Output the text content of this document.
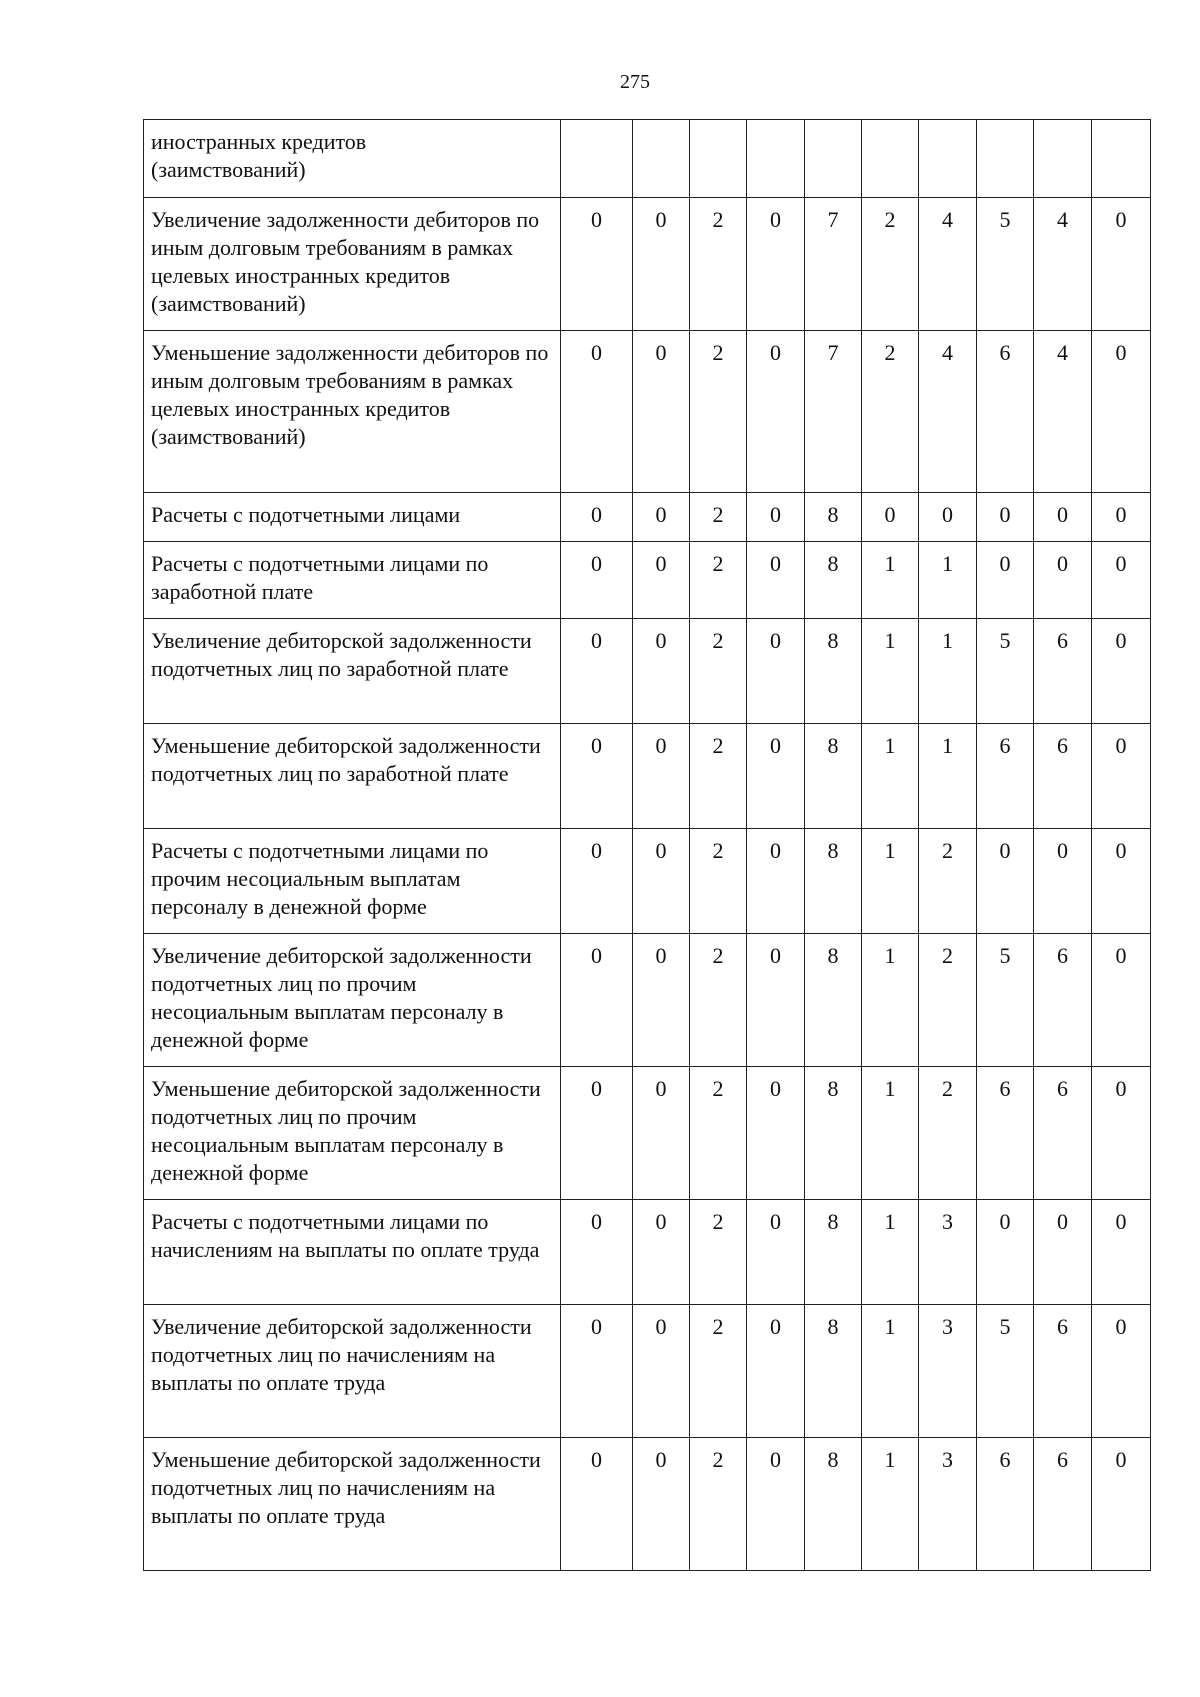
275
иностранных кредитов
(заимствований)										
Увеличение задолженности дебиторов по иным долговым требованиям в рамках целевых иностранных кредитов (заимствований)	0	0	2	0	7	2	4	5	4	0
Уменьшение задолженности дебиторов по иным долговым требованиям в рамках целевых иностранных кредитов (заимствований)	0	0	2	0	7	2	4	6	4	0
Расчеты с подотчетными лицами	0	0	2	0	8	0	0	0	0	0
Расчеты с подотчетными лицами по заработной плате	0	0	2	0	8	1	1	0	0	0
Увеличение дебиторской задолженности подотчетных лиц по заработной плате	0	0	2	0	8	1	1	5	6	0
Уменьшение дебиторской задолженности подотчетных лиц по заработной плате	0	0	2	0	8	1	1	6	6	0
Расчеты с подотчетными лицами по прочим несоциальным выплатам персоналу в денежной форме	0	0	2	0	8	1	2	0	0	0
Увеличение дебиторской задолженности подотчетных лиц по прочим несоциальным выплатам персоналу в денежной форме	0	0	2	0	8	1	2	5	6	0
Уменьшение дебиторской задолженности подотчетных лиц по прочим несоциальным выплатам персоналу в денежной форме	0	0	2	0	8	1	2	6	6	0
Расчеты с подотчетными лицами по начислениям на выплаты по оплате труда	0	0	2	0	8	1	3	0	0	0
Увеличение дебиторской задолженности подотчетных лиц по начислениям на выплаты по оплате труда	0	0	2	0	8	1	3	5	6	0
Уменьшение дебиторской задолженности подотчетных лиц по начислениям на выплаты по оплате труда	0	0	2	0	8	1	3	6	6	0
